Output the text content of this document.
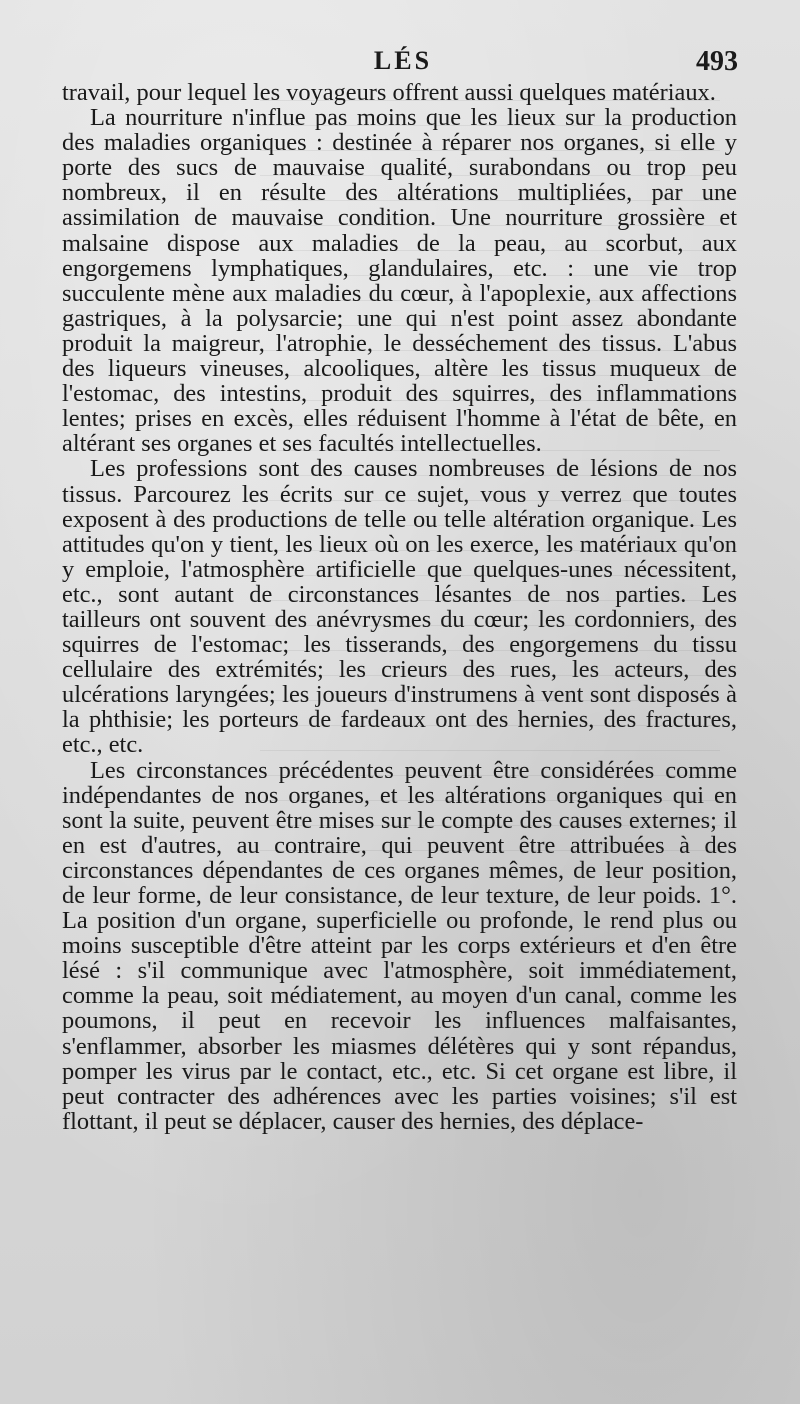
LÉS	493

travail, pour lequel les voyageurs offrent aussi quelques matériaux.

La nourriture n'influe pas moins que les lieux sur la production des maladies organiques : destinée à réparer nos organes, si elle y porte des sucs de mauvaise qualité, surabondans ou trop peu nombreux, il en résulte des altérations multipliées, par une assimilation de mauvaise condition. Une nourriture grossière et malsaine dispose aux maladies de la peau, au scorbut, aux engorgemens lymphatiques, glandulaires, etc. : une vie trop succulente mène aux maladies du cœur, à l'apoplexie, aux affections gastriques, à la polysarcie; une qui n'est point assez abondante produit la maigreur, l'atrophie, le desséchement des tissus. L'abus des liqueurs vineuses, alcooliques, altère les tissus muqueux de l'estomac, des intestins, produit des squirres, des inflammations lentes; prises en excès, elles réduisent l'homme à l'état de bête, en altérant ses organes et ses facultés intellectuelles.

Les professions sont des causes nombreuses de lésions de nos tissus. Parcourez les écrits sur ce sujet, vous y verrez que toutes exposent à des productions de telle ou telle altération organique. Les attitudes qu'on y tient, les lieux où on les exerce, les matériaux qu'on y emploie, l'atmosphère artificielle que quelques-unes nécessitent, etc., sont autant de circonstances lésantes de nos parties. Les tailleurs ont souvent des anévrysmes du cœur; les cordonniers, des squirres de l'estomac; les tisserands, des engorgemens du tissu cellulaire des extrémités; les crieurs des rues, les acteurs, des ulcérations laryngées; les joueurs d'instrumens à vent sont disposés à la phthisie; les porteurs de fardeaux ont des hernies, des fractures, etc., etc.

Les circonstances précédentes peuvent être considérées comme indépendantes de nos organes, et les altérations organiques qui en sont la suite, peuvent être mises sur le compte des causes externes; il en est d'autres, au contraire, qui peuvent être attribuées à des circonstances dépendantes de ces organes mêmes, de leur position, de leur forme, de leur consistance, de leur texture, de leur poids. 1°. La position d'un organe, superficielle ou profonde, le rend plus ou moins susceptible d'être atteint par les corps extérieurs et d'en être lésé : s'il communique avec l'atmosphère, soit immédiatement, comme la peau, soit médiatement, au moyen d'un canal, comme les poumons, il peut en recevoir les influences malfaisantes, s'enflammer, absorber les miasmes délétères qui y sont répandus, pomper les virus par le contact, etc., etc. Si cet organe est libre, il peut contracter des adhérences avec les parties voisines; s'il est flottant, il peut se déplacer, causer des hernies, des déplace-
